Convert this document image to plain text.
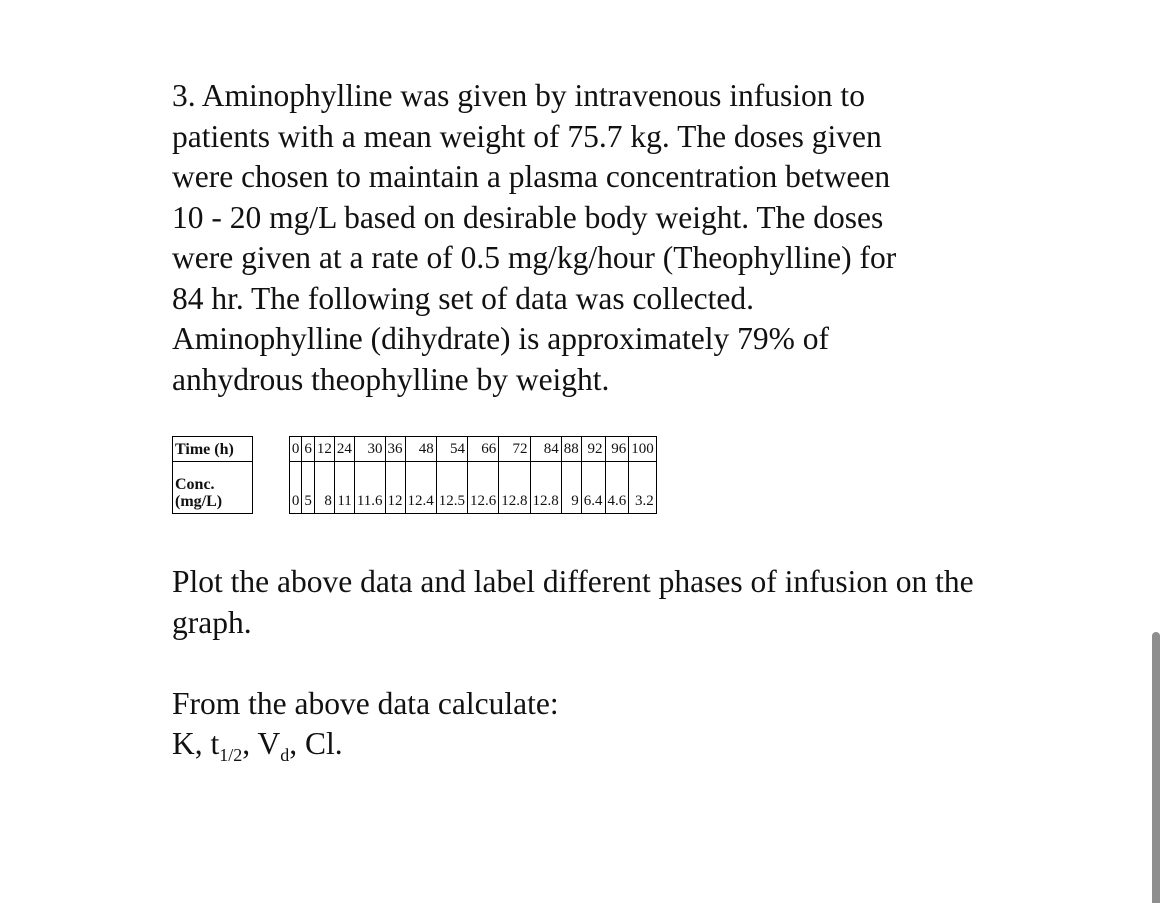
3. Aminophylline was given by intravenous infusion to
patients with a mean weight of 75.7 kg. The doses given
were chosen to maintain a plasma concentration between
10 - 20 mg/L based on desirable body weight. The doses
were given at a rate of 0.5 mg/kg/hour (Theophylline) for
84 hr. The following set of data was collected.
Aminophylline (dihydrate) is approximately 79% of
anhydrous theophylline by weight.

Time (h)		0	6	12	24	30	36	48	54	66	72	84	88	92	96	100
Conc.
(mg/L)		0	5	8	11	11.6	12	12.4	12.5	12.6	12.8	12.8	9	6.4	4.6	3.2

Plot the above data and label different phases of infusion on the graph.

From the above data calculate:

K, $t_{1/2}$, $V_d$, Cl.
